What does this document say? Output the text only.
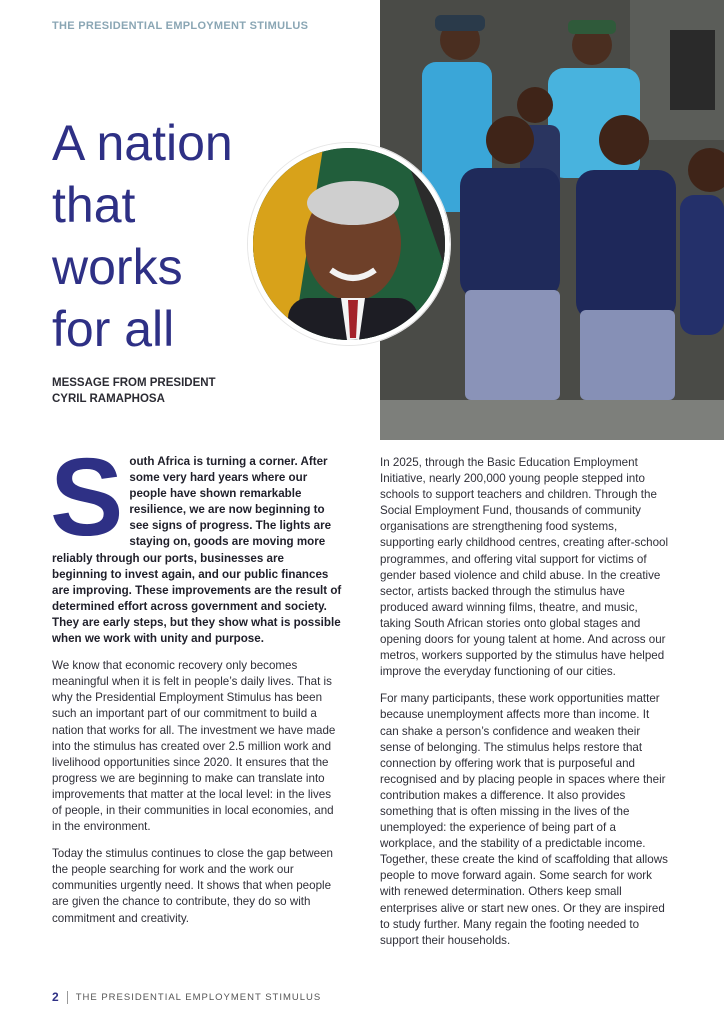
THE PRESIDENTIAL EMPLOYMENT STIMULUS
A nation
that
works
for all
MESSAGE FROM PRESIDENT
CYRIL RAMAPHOSA

South Africa is turning a corner. After some very hard years where our people have shown remarkable resilience, we are now beginning to see signs of progress. The lights are staying on, goods are moving more reliably through our ports, businesses are beginning to invest again, and our public finances are improving. These improvements are the result of determined effort across government and society. They are early steps, but they show what is possible when we work with unity and purpose.

We know that economic recovery only becomes meaningful when it is felt in people’s daily lives. That is why the Presidential Employment Stimulus has been such an important part of our commitment to build a nation that works for all. The investment we have made into the stimulus has created over 2.5 million work and livelihood opportunities since 2020. It ensures that the progress we are beginning to make can translate into improvements that matter at the local level: in the lives of people, in their communities in local economies, and in the environment.

Today the stimulus continues to close the gap between the people searching for work and the work our communities urgently need. It shows that when people are given the chance to contribute, they do so with commitment and creativity.

In 2025, through the Basic Education Employment Initiative, nearly 200,000 young people stepped into schools to support teachers and children. Through the Social Employment Fund, thousands of community organisations are strengthening food systems, supporting early childhood centres, creating after-school programmes, and offering vital support for victims of gender based violence and child abuse. In the creative sector, artists backed through the stimulus have produced award winning films, theatre, and music, taking South African stories onto global stages and opening doors for young talent at home. And across our metros, workers supported by the stimulus have helped improve the everyday functioning of our cities.

For many participants, these work opportunities matter because unemployment affects more than income. It can shake a person’s confidence and weaken their sense of belonging. The stimulus helps restore that connection by offering work that is purposeful and recognised and by placing people in spaces where their contribution makes a difference. It also provides something that is often missing in the lives of the unemployed: the experience of being part of a workplace, and the stability of a predictable income. Together, these create the kind of scaffolding that allows people to move forward again. Some search for work with renewed determination. Others keep small enterprises alive or start new ones. Or they are inspired to study further. Many regain the footing needed to support their households.

2 THE PRESIDENTIAL EMPLOYMENT STIMULUS
